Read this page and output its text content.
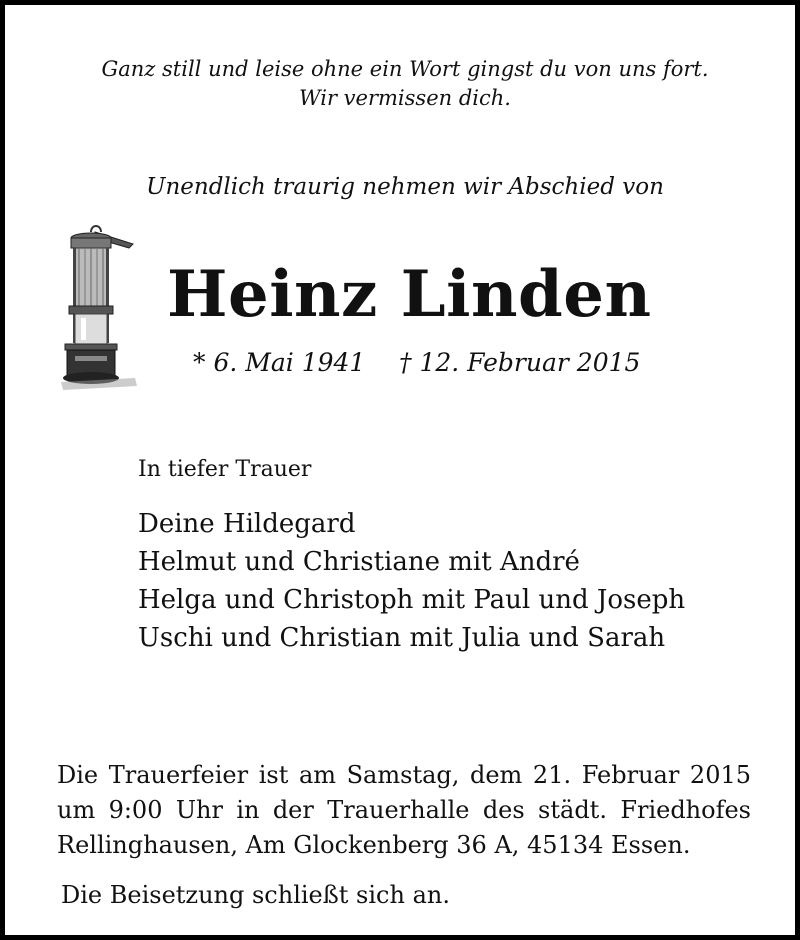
Ganz still und leise ohne ein Wort gingst du von uns fort.
Wir vermissen dich.
Unendlich traurig nehmen wir Abschied von
Heinz Linden
* 6. Mai 1941 † 12. Februar 2015
In tiefer Trauer
Deine Hildegard
Helmut und Christiane mit André
Helga und Christoph mit Paul und Joseph
Uschi und Christian mit Julia und Sarah
Die Trauerfeier ist am Samstag, dem 21. Februar 2015
um 9:00 Uhr in der Trauerhalle des städt. Friedhofes
Rellinghausen, Am Glockenberg 36 A, 45134 Essen.
Die Beisetzung schließt sich an.
